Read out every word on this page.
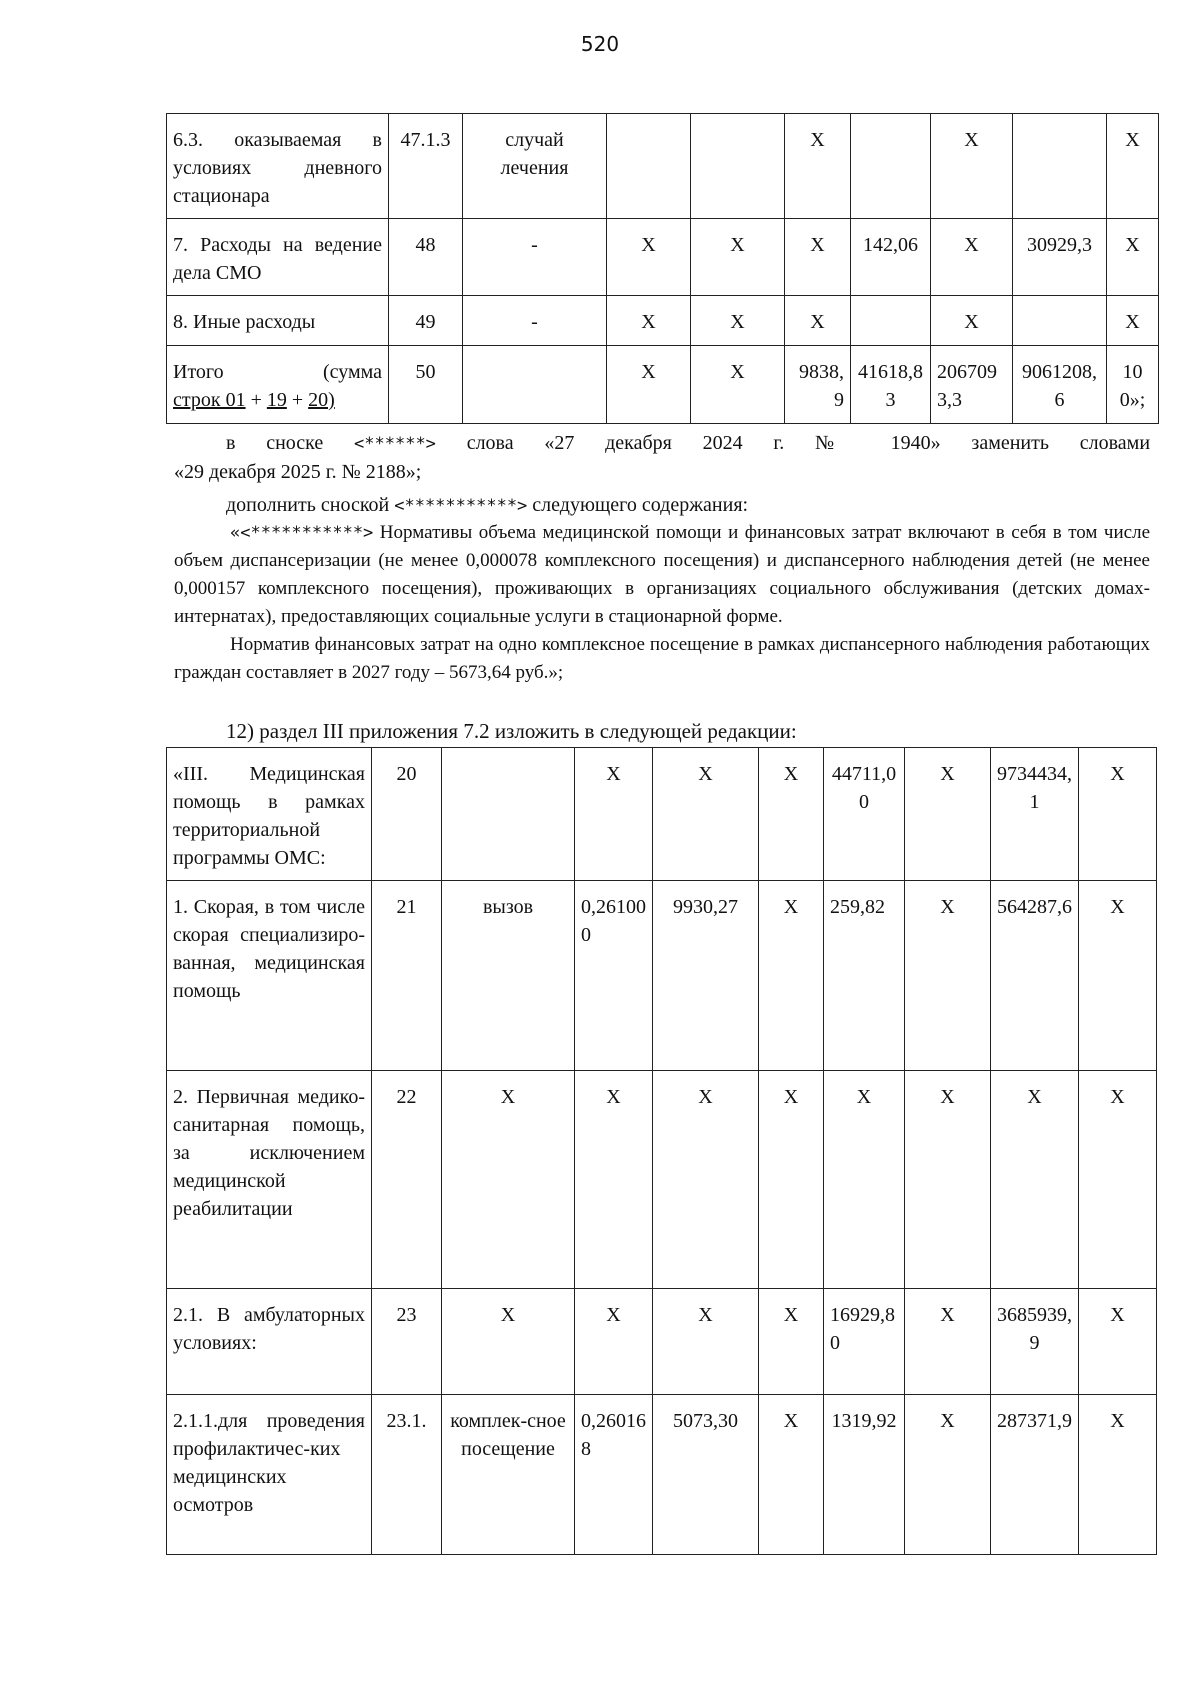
520
6.3. оказываемая в условиях дневного стационара	47.1.3	случай лечения			X		X		X
7. Расходы на ведение дела СМО	48	-	X	X	X	142,06	X	30929,3	X
8. Иные расходы	49	-	X	X	X		X		X

Итого (сумма
строк 01 + 19 + 20)	50		X	X	9838,9	41618,83	2067093,3	9061208,6	100»;
в сноске <******> слова «27 декабря 2024 г. № 1940» заменить словами
«29 декабря 2025 г. № 2188»;
дополнить сноской <***********> следующего содержания:
«<***********> Нормативы объема медицинской помощи и финансовых затрат включают в себя в том числе объем диспансеризации (не менее 0,000078 комплексного посещения) и диспансерного наблюдения детей (не менее 0,000157 комплексного посещения), проживающих в организациях социального обслуживания (детских домах-интернатах), предоставляющих социальные услуги в стационарной форме.
Норматив финансовых затрат на одно комплексное посещение в рамках диспансерного наблюдения работающих граждан составляет в 2027 году – 5673,64 руб.»;
12) раздел III приложения 7.2 изложить в следующей редакции:
«III. Медицинская помощь в рамках территориальной программы ОМС:	20		X	X	X	44711,00	X	9734434,1	X
1. Скорая, в том числе скорая специализиро-ванная, медицинская помощь	21	вызов	0,261000	9930,27	X	259,82	X	564287,6	X
2. Первичная медико-санитарная помощь, за исключением медицинской реабилитации	22	X	X	X	X	X	X	X	X
2.1. В амбулаторных условиях:	23	X	X	X	X	16929,80	X	3685939,9	X
2.1.1.для проведения профилактичес-ких медицинских осмотров	23.1.	комплек-сное посещение	0,260168	5073,30	X	1319,92	X	287371,9	X
